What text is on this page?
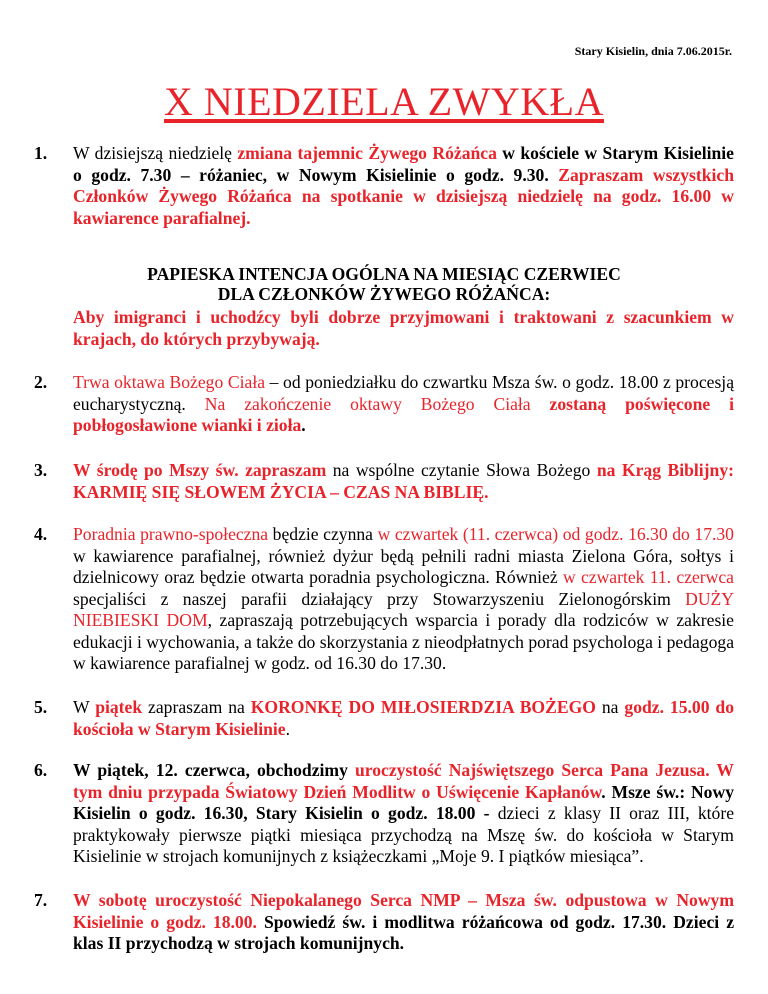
Stary Kisielin, dnia 7.06.2015r.
X NIEDZIELA ZWYKŁA
1. W dzisiejszą niedzielę zmiana tajemnic Żywego Różańca w kościele w Starym Kisielinie o godz. 7.30 – różaniec, w Nowym Kisielinie o godz. 9.30. Zapraszam wszystkich Członków Żywego Różańca na spotkanie w dzisiejszą niedzielę na godz. 16.00 w kawiarence parafialnej.
PAPIESKA INTENCJA OGÓLNA NA MIESIĄC CZERWIEC
DLA CZŁONKÓW ŻYWEGO RÓŻAŃCA:
Aby imigranci i uchodźcy byli dobrze przyjmowani i traktowani z szacunkiem w krajach, do których przybywają.
2. Trwa oktawa Bożego Ciała – od poniedziałku do czwartku Msza św. o godz. 18.00 z procesją eucharystyczną. Na zakończenie oktawy Bożego Ciała zostaną poświęcone i pobłogosławione wianki i zioła.
3. W środę po Mszy św. zapraszam na wspólne czytanie Słowa Bożego na Krąg Biblijny: KARMIĘ SIĘ SŁOWEM ŻYCIA – CZAS NA BIBLIĘ.
4. Poradnia prawno-społeczna będzie czynna w czwartek (11. czerwca) od godz. 16.30 do 17.30 w kawiarence parafialnej, również dyżur będą pełnili radni miasta Zielona Góra, sołtys i dzielnicowy oraz będzie otwarta poradnia psychologiczna. Również w czwartek 11. czerwca specjaliści z naszej parafii działający przy Stowarzyszeniu Zielonogórskim DUŻY NIEBIESKI DOM, zapraszają potrzebujących wsparcia i porady dla rodziców w zakresie edukacji i wychowania, a także do skorzystania z nieodpłatnych porad psychologa i pedagoga w kawiarence parafialnej w godz. od 16.30 do 17.30.
5. W piątek zapraszam na KORONKĘ DO MIŁOSIERDZIA BOŻEGO na godz. 15.00 do kościoła w Starym Kisielinie.
6. W piątek, 12. czerwca, obchodzimy uroczystość Najświętszego Serca Pana Jezusa. W tym dniu przypada Światowy Dzień Modlitw o Uświęcenie Kapłanów. Msze św.: Nowy Kisielin o godz. 16.30, Stary Kisielin o godz. 18.00 - dzieci z klasy II oraz III, które praktykowały pierwsze piątki miesiąca przychodzą na Mszę św. do kościoła w Starym Kisielinie w strojach komunijnych z książeczkami „Moje 9. I piątków miesiąca”.
7. W sobotę uroczystość Niepokalanego Serca NMP – Msza św. odpustowa w Nowym Kisielinie o godz. 18.00. Spowiedź św. i modlitwa różańcowa od godz. 17.30. Dzieci z klas II przychodzą w strojach komunijnych.
